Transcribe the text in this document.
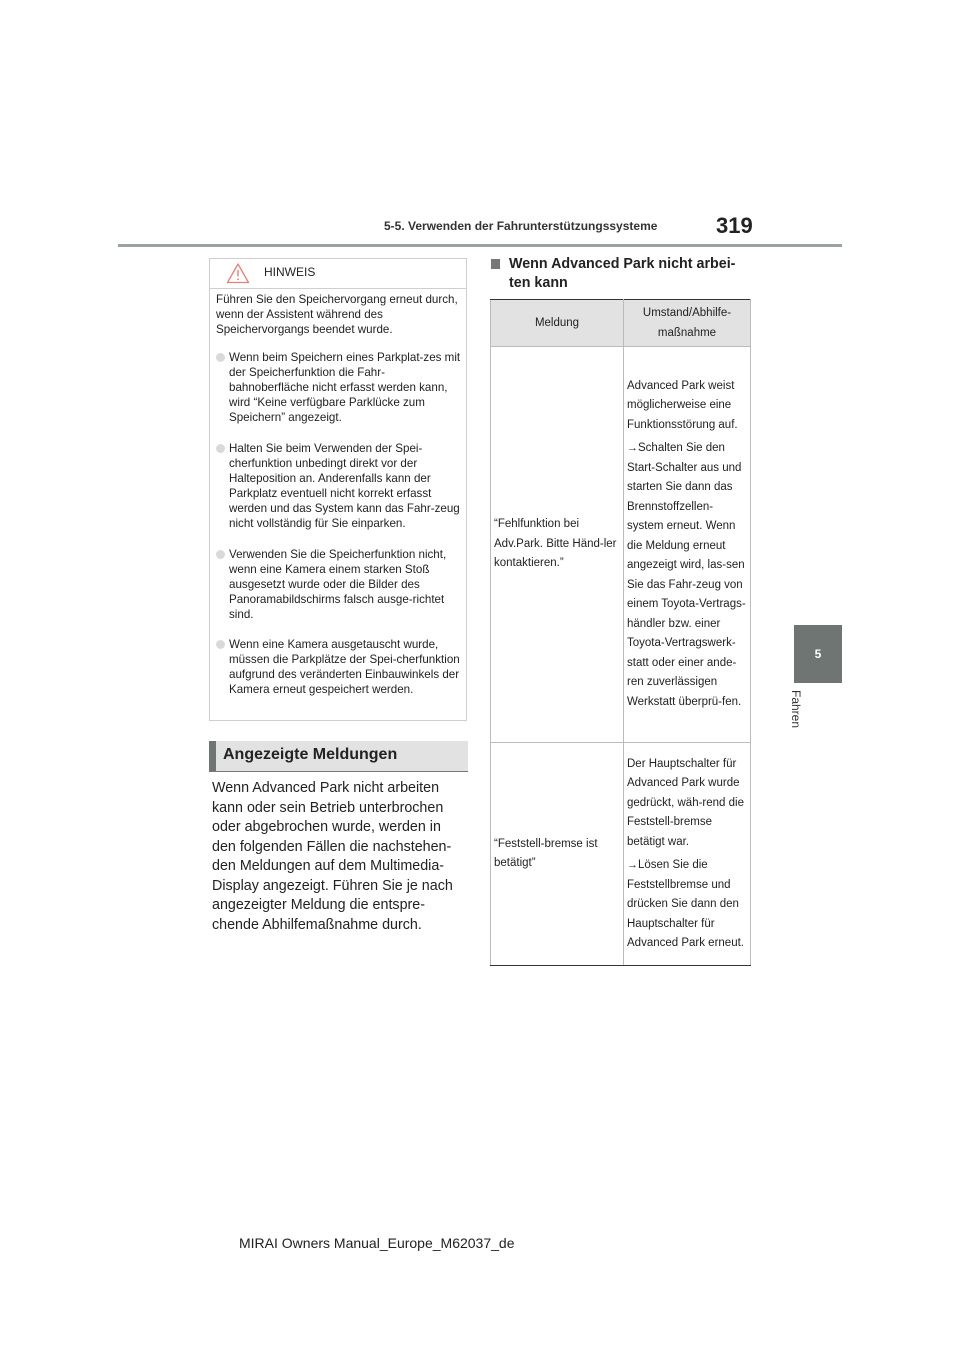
5-5. Verwenden der Fahrunterstützungssysteme	319
5
Fahren
HINWEIS
Führen Sie den Speichervorgang erneut durch, wenn der Assistent während des Speichervorgangs beendet wurde.
Wenn beim Speichern eines Parkplat-zes mit der Speicherfunktion die Fahr-bahnoberfläche nicht erfasst werden kann, wird “Keine verfügbare Parklücke zum Speichern” angezeigt.
Halten Sie beim Verwenden der Spei-cherfunktion unbedingt direkt vor der Halteposition an. Anderenfalls kann der Parkplatz eventuell nicht korrekt erfasst werden und das System kann das Fahr-zeug nicht vollständig für Sie einparken.
Verwenden Sie die Speicherfunktion nicht, wenn eine Kamera einem starken Stoß ausgesetzt wurde oder die Bilder des Panoramabildschirms falsch ausge-richtet sind.
Wenn eine Kamera ausgetauscht wurde, müssen die Parkplätze der Spei-cherfunktion aufgrund des veränderten Einbauwinkels der Kamera erneut gespeichert werden.
Angezeigte Meldungen
Wenn Advanced Park nicht arbeiten kann oder sein Betrieb unterbrochen oder abgebrochen wurde, werden in den folgenden Fällen die nachstehen-den Meldungen auf dem Multimedia-Display angezeigt. Führen Sie je nach angezeigter Meldung die entspre-chende Abhilfemaßnahme durch.
Wenn Advanced Park nicht arbei-ten kann
Meldung	Umstand/Abhilfe-maßnahme
“Fehlfunktion bei Adv.Park. Bitte Händ-ler kontaktieren.”	Advanced Park weist möglicherweise eine Funktionsstörung auf.

→Schalten Sie den Start-Schalter aus und starten Sie dann das Brennstoffzellen-system erneut. Wenn die Meldung erneut angezeigt wird, las-sen Sie das Fahr-zeug von einem Toyota-Vertrags-händler bzw. einer Toyota-Vertragswerk-statt oder einer ande-ren zuverlässigen Werkstatt überprü-fen.

“Feststell-bremse ist betätigt”	Der Hauptschalter für Advanced Park wurde gedrückt, wäh-rend die Feststell-bremse betätigt war.

→Lösen Sie die Feststellbremse und drücken Sie dann den Hauptschalter für Advanced Park erneut.

MIRAI Owners Manual_Europe_M62037_de
